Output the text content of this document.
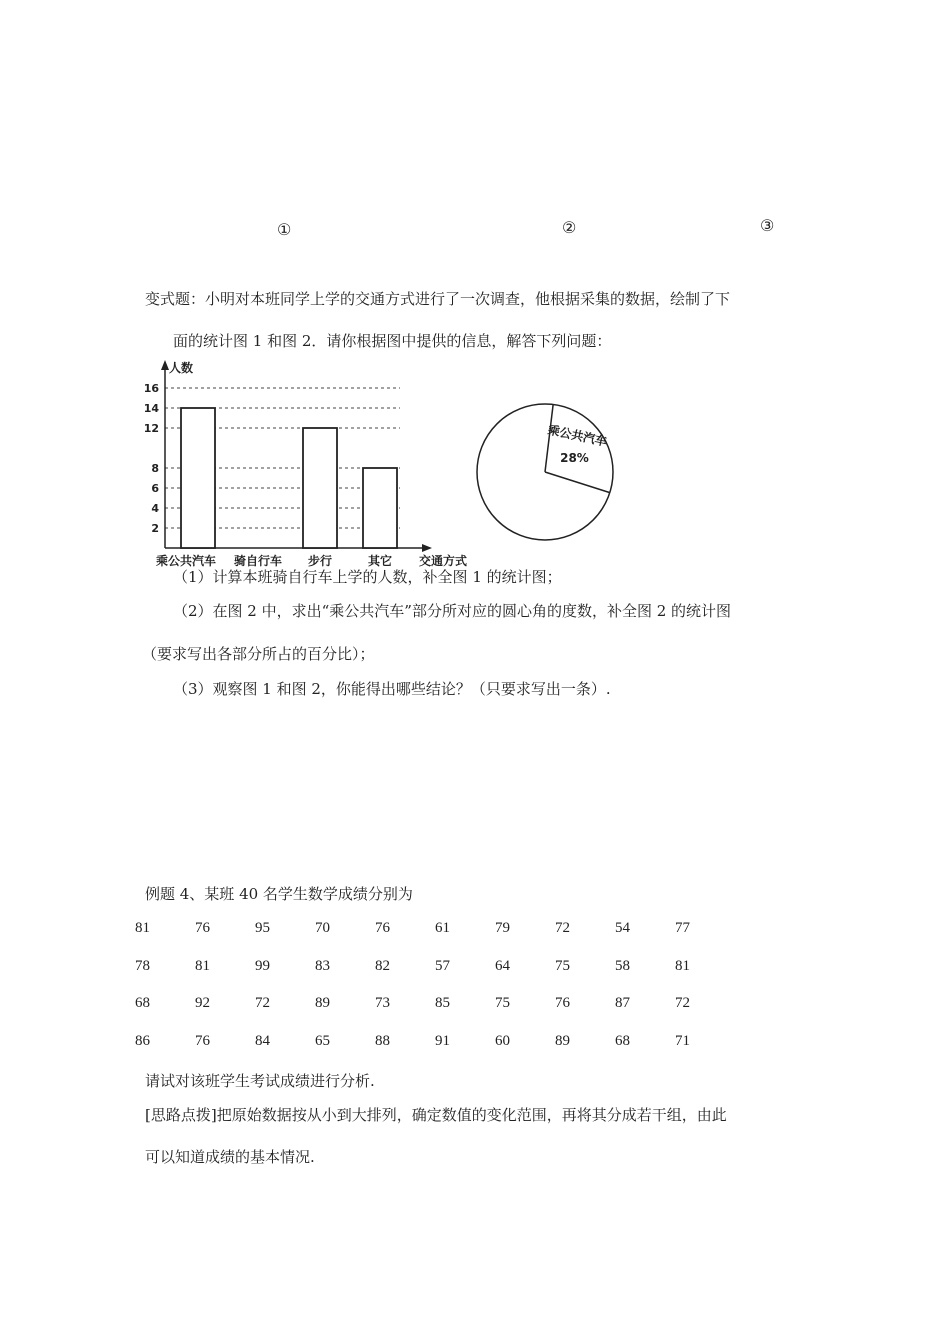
①	②	③
变式题：小明对本班同学上学的交通方式进行了一次调查，他根据采集的数据，绘制了下
面的统计图 1 和图 2．请你根据图中提供的信息，解答下列问题：
2
4
6
8
12
14
16
人数
交通方式
乘公共汽车 骑自行车 步行	其它
乘公共汽车
28%
（1）计算本班骑自行车上学的人数，补全图 1 的统计图；
（2）在图 2 中，求出“乘公共汽车”部分所对应的圆心角的度数，补全图 2 的统计图
（要求写出各部分所占的百分比）；
（3）观察图 1 和图 2，你能得出哪些结论？（只要求写出一条）.
例题 4、某班 40 名学生数学成绩分别为
81	76	95	70	76	61	79	72	54	77
78	81	99	83	82	57	64	75	58	81
68	92	72	89	73	85	75	76	87	72
86	76	84	65	88	91	60	89	68	71
请试对该班学生考试成绩进行分析.
[思路点拨]把原始数据按从小到大排列，确定数值的变化范围，再将其分成若干组，由此
可以知道成绩的基本情况.
